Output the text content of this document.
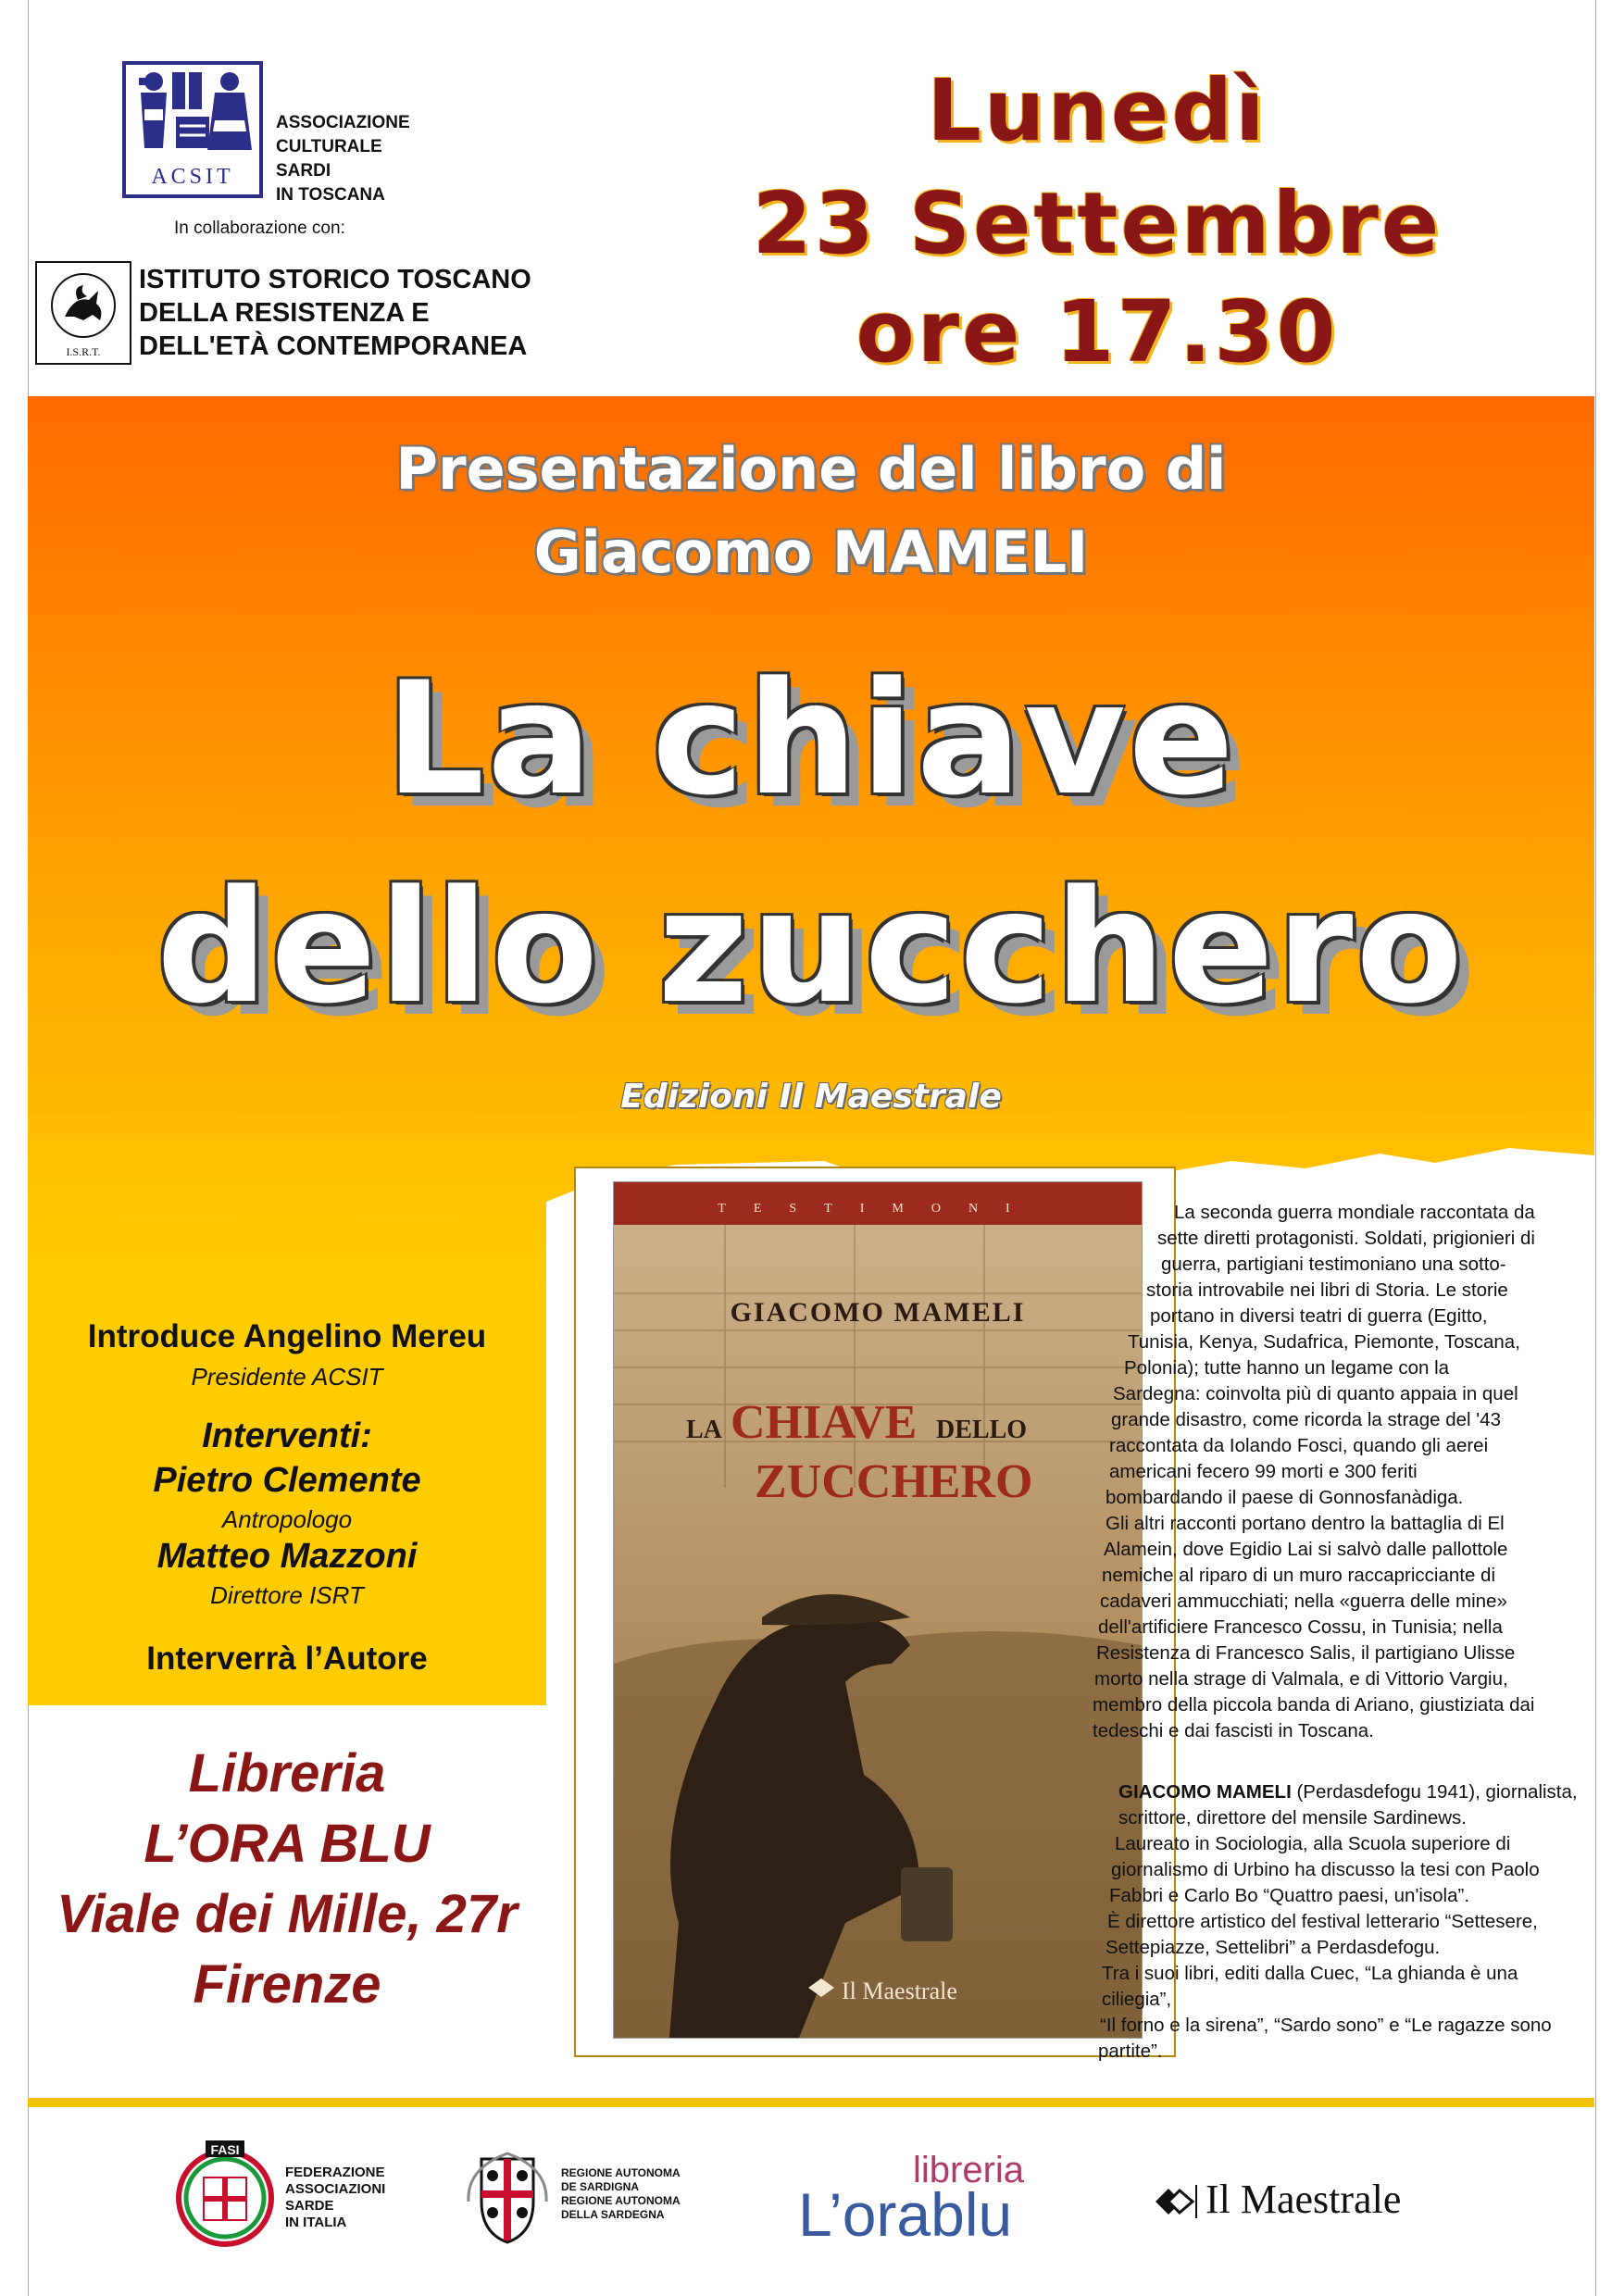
ACSIT
ASSOCIAZIONE
CULTURALE
SARDI
IN TOSCANA
In collaborazione con:
I.S.R.T.
ISTITUTO STORICO TOSCANO
DELLA RESISTENZA E
DELL'ETÀ CONTEMPORANEA
Lunedì
23 Settembre
ore 17.30
Presentazione del libro di
Giacomo MAMELI
La chiave
dello zucchero
Edizioni Il Maestrale
Introduce Angelino Mereu
Presidente ACSIT
Interventi:
Pietro Clemente
Antropologo
Matteo Mazzoni
Direttore ISRT
Interverrà l’Autore
Libreria
L’ORA BLU
Viale dei Mille, 27r
Firenze
TESTIMONI
GIACOMO MAMELI
LA CHIAVE DELLO
ZUCCHERO
Il Maestrale

La seconda guerra mondiale raccontata da

sette diretti protagonisti. Soldati, prigionieri di

guerra, partigiani testimoniano una sotto-

storia introvabile nei libri di Storia. Le storie

portano in diversi teatri di guerra (Egitto,

Tunisia, Kenya, Sudafrica, Piemonte, Toscana,

Polonia); tutte hanno un legame con la

Sardegna: coinvolta più di quanto appaia in quel

grande disastro, come ricorda la strage del '43

raccontata da Iolando Fosci, quando gli aerei

americani fecero 99 morti e 300 feriti

bombardando il paese di Gonnosfanàdiga.

Gli altri racconti portano dentro la battaglia di El

Alamein, dove Egidio Lai si salvò dalle pallottole

nemiche al riparo di un muro raccapricciante di

cadaveri ammucchiati; nella «guerra delle mine»

dell'artificiere Francesco Cossu, in Tunisia; nella

Resistenza di Francesco Salis, il partigiano Ulisse

morto nella strage di Valmala, e di Vittorio Vargiu,

membro della piccola banda di Ariano, giustiziata dai

tedeschi e dai fascisti in Toscana.

GIACOMO MAMELI (Perdasdefogu 1941), giornalista,

scrittore, direttore del mensile Sardinews.

Laureato in Sociologia, alla Scuola superiore di

giornalismo di Urbino ha discusso la tesi con Paolo

Fabbri e Carlo Bo “Quattro paesi, un'isola”.

È direttore artistico del festival letterario “Settesere,

Settepiazze, Settelibri” a Perdasdefogu.

Tra i suoi libri, editi dalla Cuec, “La ghianda è una ciliegia”,

“Il forno e la sirena”, “Sardo sono” e “Le ragazze sono

partite”.

FASI
FEDERAZIONE
ASSOCIAZIONI
SARDE
IN ITALIA
REGIONE AUTONOMA
DE SARDIGNA
REGIONE AUTONOMA
DELLA SARDEGNA
libreria
L’orablu	Il Maestrale
